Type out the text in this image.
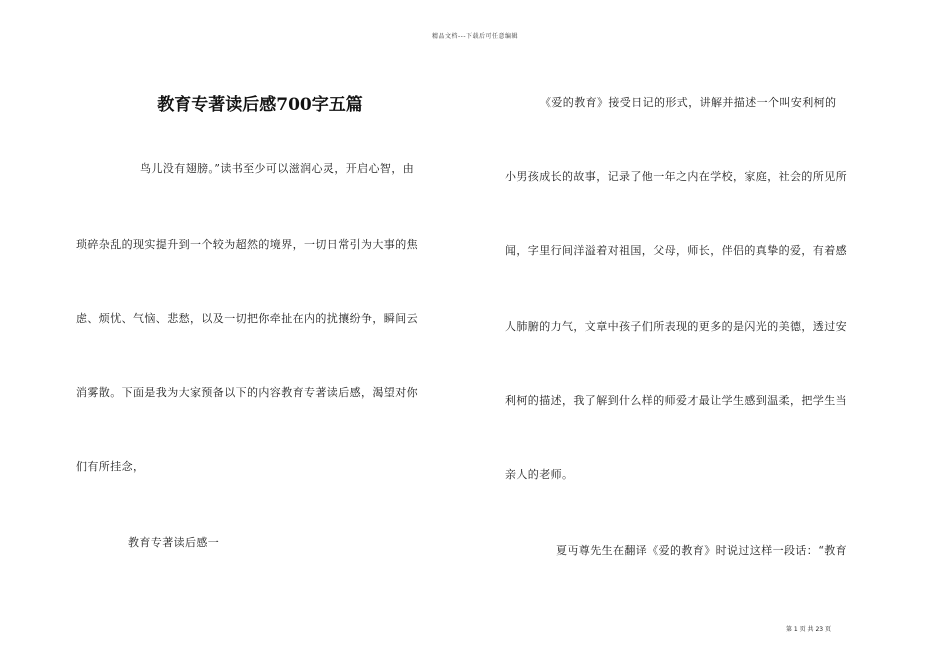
精品文档---下载后可任意编辑
教育专著读后感700字五篇
鸟儿没有翅膀。”读书至少可以滋润心灵，开启心智，由
琐碎杂乱的现实提升到一个较为超然的境界，一切日常引为大事的焦
虑、烦忧、气恼、悲愁，以及一切把你牵扯在内的扰攘纷争，瞬间云
消雾散。下面是我为大家预备以下的内容教育专著读后感，渴望对你
们有所挂念，
教育专著读后感一
《爱的教育》接受日记的形式，讲解并描述一个叫安利柯的
小男孩成长的故事，记录了他一年之内在学校，家庭，社会的所见所
闻，字里行间洋溢着对祖国，父母，师长，伴侣的真挚的爱，有着感
人肺腑的力气，文章中孩子们所表现的更多的是闪光的美德，透过安
利柯的描述，我了解到什么样的师爱才最让学生感到温柔，把学生当
亲人的老师。
夏丏尊先生在翻译《爱的教育》时说过这样一段话：“教育
第 1 页 共 23 页
